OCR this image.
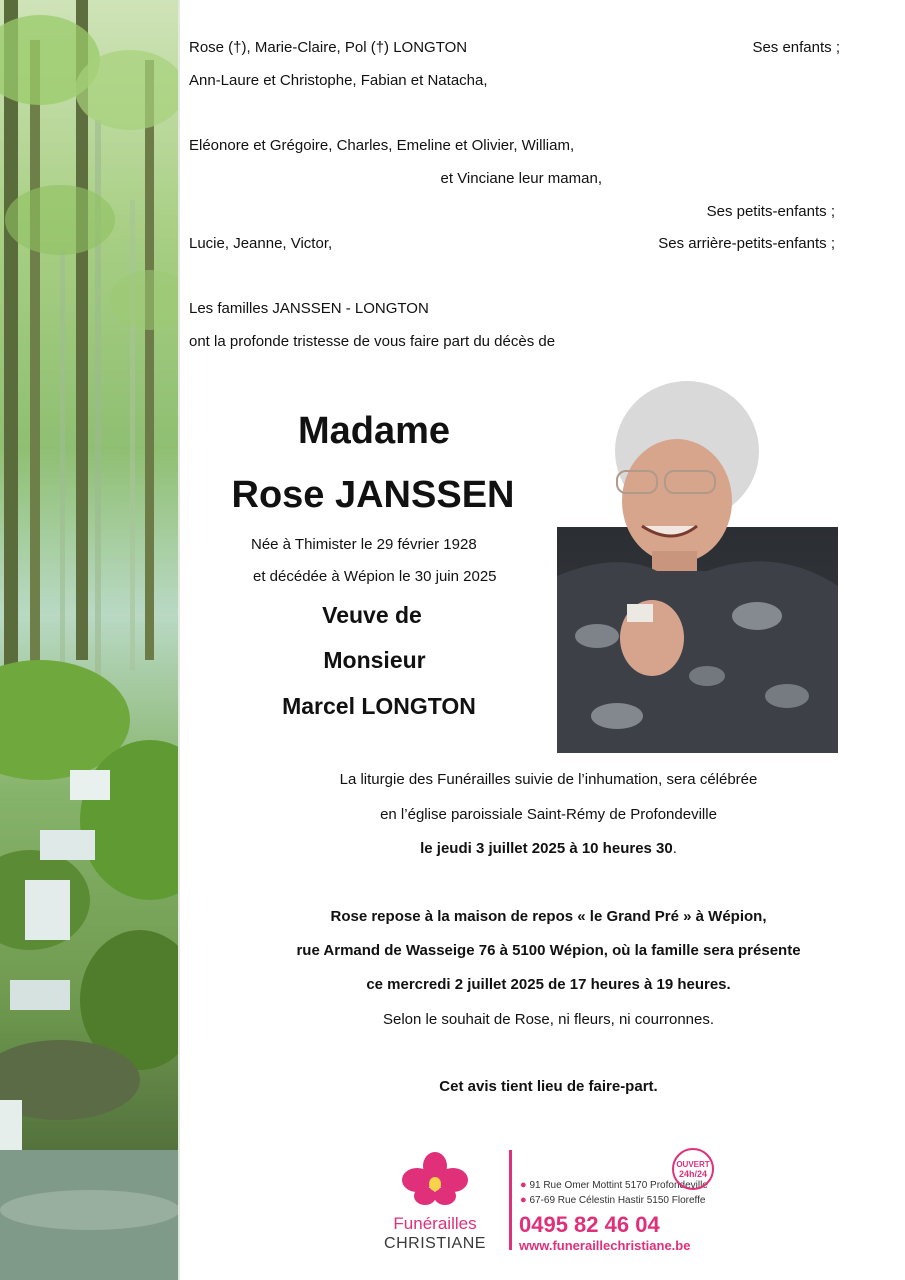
Rose (†), Marie-Claire, Pol (†) LONGTON	Ses enfants ;
Ann-Laure et Christophe, Fabian et Natacha,
Eléonore et Grégoire, Charles, Emeline et Olivier, William,
et Vinciane leur maman,
Ses petits-enfants ;
Lucie, Jeanne, Victor,	Ses arrière-petits-enfants ;
Les familles JANSSEN - LONGTON
ont la profonde tristesse de vous faire part du décès de
Madame
Rose JANSSEN
Née à Thimister le 29 février 1928
et décédée à Wépion le 30 juin 2025
Veuve de
Monsieur
Marcel LONGTON
La liturgie des Funérailles suivie de l’inhumation, sera célébrée
en l’église paroissiale Saint-Rémy de Profondeville
le jeudi 3 juillet 2025 à 10 heures 30.
Rose repose à la maison de repos « le Grand Pré » à Wépion,
rue Armand de Wasseige 76 à 5100 Wépion, où la famille sera présente
ce mercredi 2 juillet 2025 de 17 heures à 19 heures.
Selon le souhait de Rose, ni fleurs, ni courronnes.
Cet avis tient lieu de faire-part.
Funérailles
CHRISTIANE
● 91 Rue Omer Mottint 5170 Profondeville
● 67-69 Rue Célestin Hastir 5150 Floreffe
0495 82 46 04
www.funeraillechristiane.be
OUVERT
24h/24
